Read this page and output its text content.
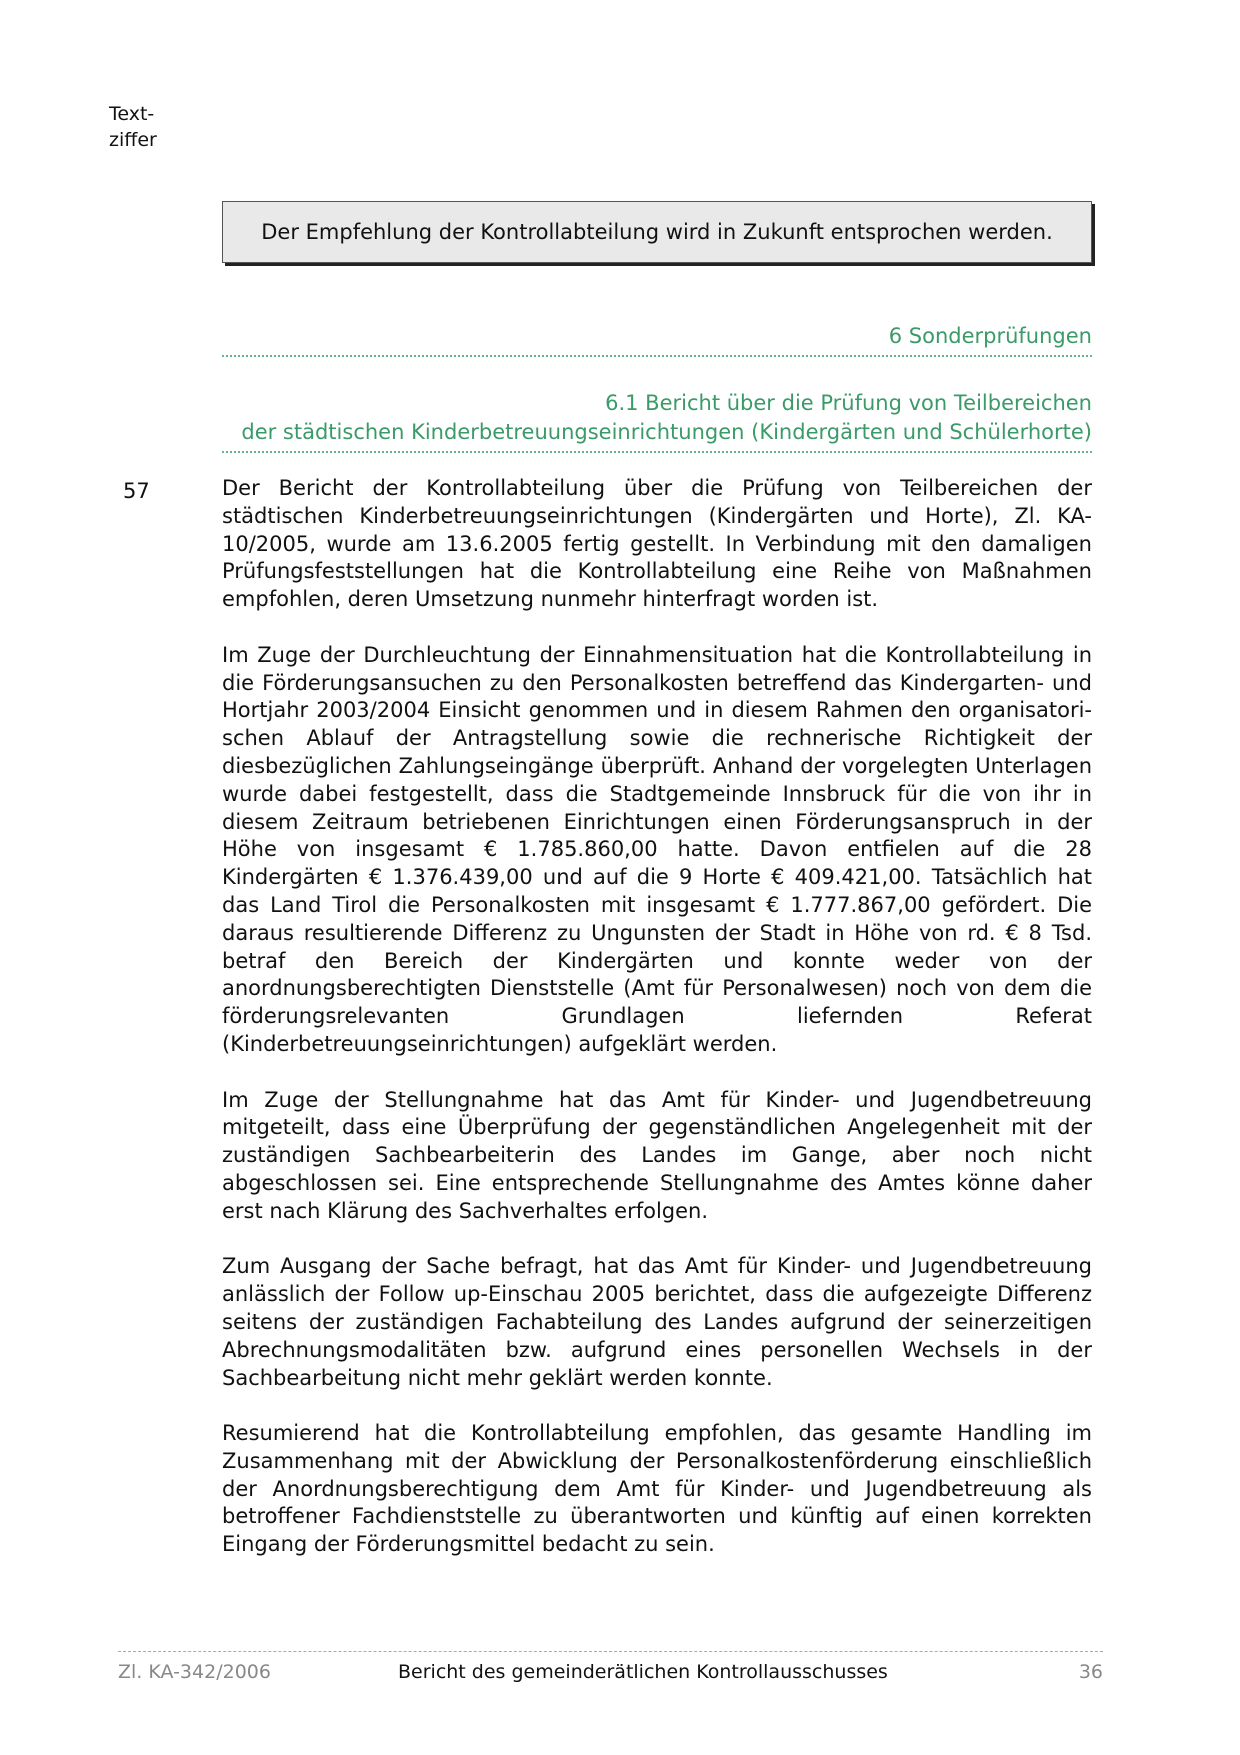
Text-
ziffer
Der Empfehlung der Kontrollabteilung wird in Zukunft entsprochen werden.
6 Sonderprüfungen
6.1 Bericht über die Prüfung von Teilbereichen
der städtischen Kinderbetreuungseinrichtungen (Kindergärten und Schülerhorte)
57	Der Bericht der Kontrollabteilung über die Prüfung von Teilbereichen der städtischen Kinderbetreuungseinrichtungen (Kindergärten und Horte), Zl. KA-10/2005, wurde am 13.6.2005 fertig gestellt. In Verbindung mit den damaligen Prüfungsfeststellungen hat die Kontrollabteilung eine Reihe von Maßnahmen empfohlen, deren Umsetzung nunmehr hinterfragt worden ist.

Im Zuge der Durchleuchtung der Einnahmensituation hat die Kontrollabteilung in die Förderungsansuchen zu den Personalkosten betreffend das Kindergarten- und Hortjahr 2003/2004 Einsicht genommen und in diesem Rahmen den organisatorischen Ablauf der Antragstellung sowie die rechnerische Richtigkeit der diesbezüglichen Zahlungseingänge überprüft. Anhand der vorgelegten Unterlagen wurde dabei festgestellt, dass die Stadtgemeinde Innsbruck für die von ihr in diesem Zeitraum betriebenen Einrichtungen einen Förderungsanspruch in der Höhe von insgesamt € 1.785.860,00 hatte. Davon entfielen auf die 28 Kindergärten € 1.376.439,00 und auf die 9 Horte € 409.421,00. Tatsächlich hat das Land Tirol die Personalkosten mit insgesamt € 1.777.867,00 gefördert. Die daraus resultierende Differenz zu Ungunsten der Stadt in Höhe von rd. € 8 Tsd. betraf den Bereich der Kindergärten und konnte weder von der anordnungsberechtigten Dienststelle (Amt für Personalwesen) noch von dem die förderungsrelevanten Grundlagen liefernden Referat (Kinderbetreuungseinrichtungen) aufgeklärt werden.

Im Zuge der Stellungnahme hat das Amt für Kinder- und Jugendbetreuung mitgeteilt, dass eine Überprüfung der gegenständlichen Angelegenheit mit der zuständigen Sachbearbeiterin des Landes im Gange, aber noch nicht abgeschlossen sei. Eine entsprechende Stellungnahme des Amtes könne daher erst nach Klärung des Sachverhaltes erfolgen.

Zum Ausgang der Sache befragt, hat das Amt für Kinder- und Jugendbetreuung anlässlich der Follow up-Einschau 2005 berichtet, dass die aufgezeigte Differenz seitens der zuständigen Fachabteilung des Landes aufgrund der seinerzeitigen Abrechnungsmodalitäten bzw. aufgrund eines personellen Wechsels in der Sachbearbeitung nicht mehr geklärt werden konnte.

Resumierend hat die Kontrollabteilung empfohlen, das gesamte Handling im Zusammenhang mit der Abwicklung der Personalkostenförderung einschließlich der Anordnungsberechtigung dem Amt für Kinder- und Jugendbetreuung als betroffener Fachdienststelle zu überantworten und künftig auf einen korrekten Eingang der Förderungsmittel bedacht zu sein.

Zl. KA-342/2006	Bericht des gemeinderätlichen Kontrollausschusses	36
